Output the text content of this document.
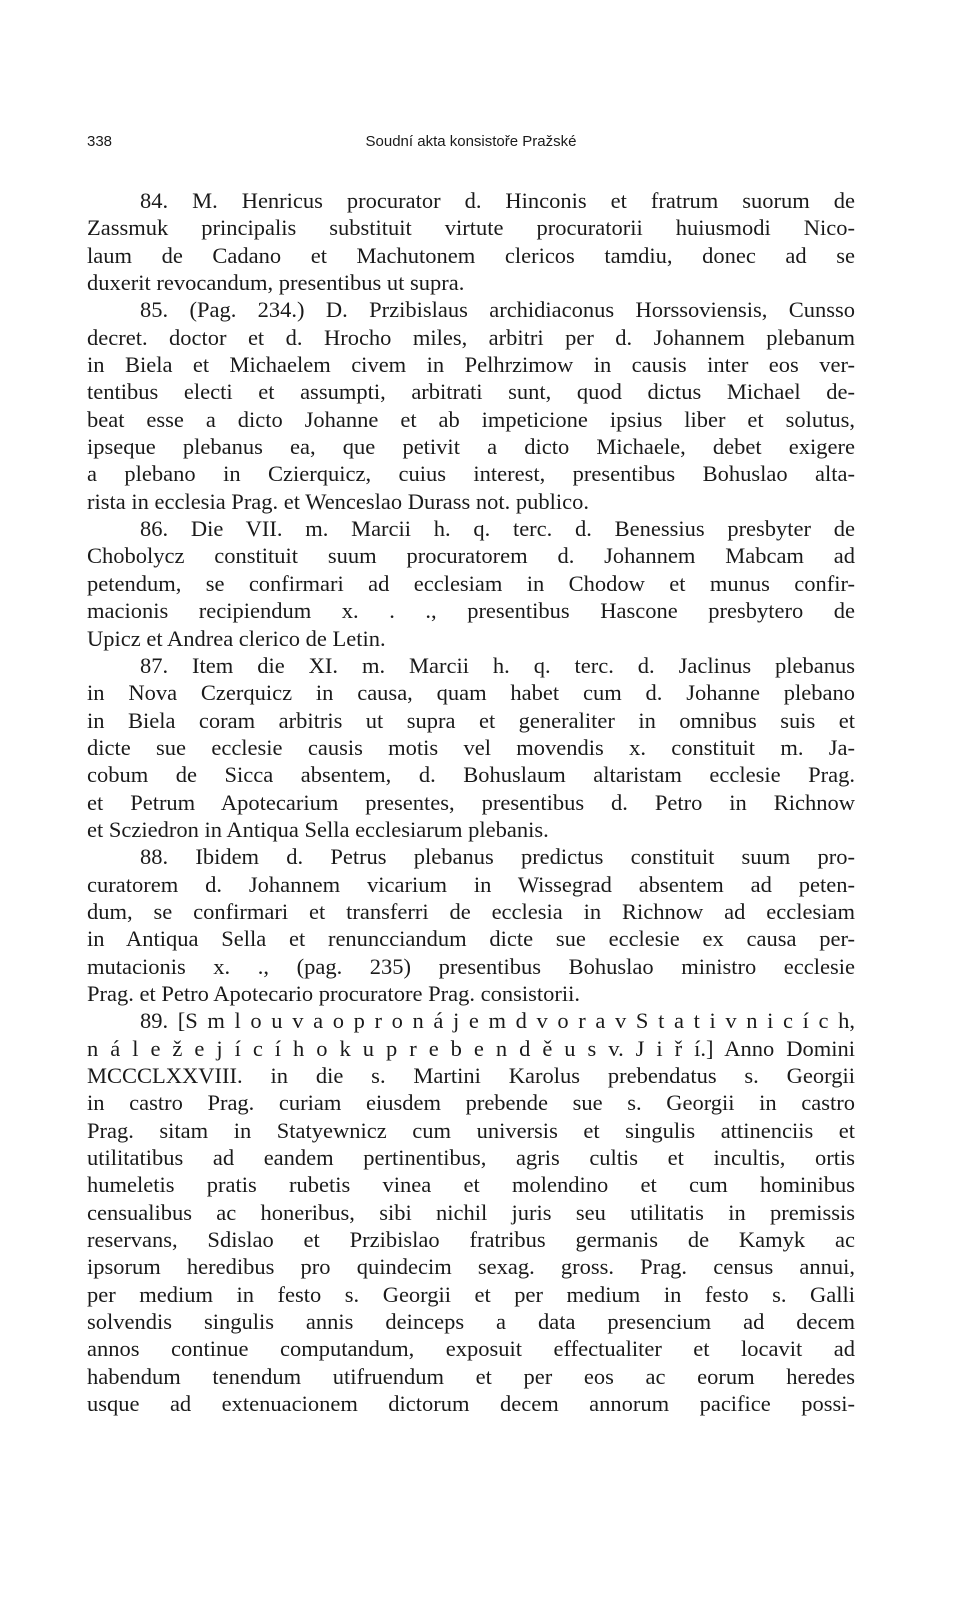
338	Soudní akta konsistoře Pražské
84. M. Henricus procurator d. Hinconis et fratrum suorum de
Zassmuk principalis substituit virtute procuratorii huiusmodi Nico-
laum de Cadano et Machutonem clericos tamdiu, donec ad se
duxerit revocandum, presentibus ut supra.
85. (Pag. 234.) D. Przibislaus archidiaconus Horssoviensis, Cunsso
decret. doctor et d. Hrocho miles, arbitri per d. Johannem plebanum
in Biela et Michaelem civem in Pelhrzimow in causis inter eos ver-
tentibus electi et assumpti, arbitrati sunt, quod dictus Michael de-
beat esse a dicto Johanne et ab impeticione ipsius liber et solutus,
ipseque plebanus ea, que petivit a dicto Michaele, debet exigere
a plebano in Czierquicz, cuius interest, presentibus Bohuslao alta-
rista in ecclesia Prag. et Wenceslao Durass not. publico.
86. Die VII. m. Marcii h. q. terc. d. Benessius presbyter de
Chobolycz constituit suum procuratorem d. Johannem Mabcam ad
petendum, se confirmari ad ecclesiam in Chodow et munus confir-
macionis recipiendum x. . ., presentibus Hascone presbytero de
Upicz et Andrea clerico de Letin.
87. Item die XI. m. Marcii h. q. terc. d. Jaclinus plebanus
in Nova Czerquicz in causa, quam habet cum d. Johanne plebano
in Biela coram arbitris ut supra et generaliter in omnibus suis et
dicte sue ecclesie causis motis vel movendis x. constituit m. Ja-
cobum de Sicca absentem, d. Bohuslaum altaristam ecclesie Prag.
et Petrum Apotecarium presentes, presentibus d. Petro in Richnow
et Scziedron in Antiqua Sella ecclesiarum plebanis.
88. Ibidem d. Petrus plebanus predictus constituit suum pro-
curatorem d. Johannem vicarium in Wissegrad absentem ad peten-
dum, se confirmari et transferri de ecclesia in Richnow ad ecclesiam
in Antiqua Sella et renuncciandum dicte sue ecclesie ex causa per-
mutacionis x. ., (pag. 235) presentibus Bohuslao ministro ecclesie
Prag. et Petro Apotecario procuratore Prag. consistorii.
89. [S m l o u v a o p r o n á j e m d v o r a v S t a t i v n i c í c h,
n á l e ž e j í c í h o k u p r e b e n d ě u s v. J i ř í.] Anno Domini
MCCCLXXVIII. in die s. Martini Karolus prebendatus s. Georgii
in castro Prag. curiam eiusdem prebende sue s. Georgii in castro
Prag. sitam in Statyewnicz cum universis et singulis attinenciis et
utilitatibus ad eandem pertinentibus, agris cultis et incultis, ortis
humeletis pratis rubetis vinea et molendino et cum hominibus
censualibus ac honeribus, sibi nichil juris seu utilitatis in premissis
reservans, Sdislao et Przibislao fratribus germanis de Kamyk ac
ipsorum heredibus pro quindecim sexag. gross. Prag. census annui,
per medium in festo s. Georgii et per medium in festo s. Galli
solvendis singulis annis deinceps a data presencium ad decem
annos continue computandum, exposuit effectualiter et locavit ad
habendum tenendum utifruendum et per eos ac eorum heredes
usque ad extenuacionem dictorum decem annorum pacifice possi-
